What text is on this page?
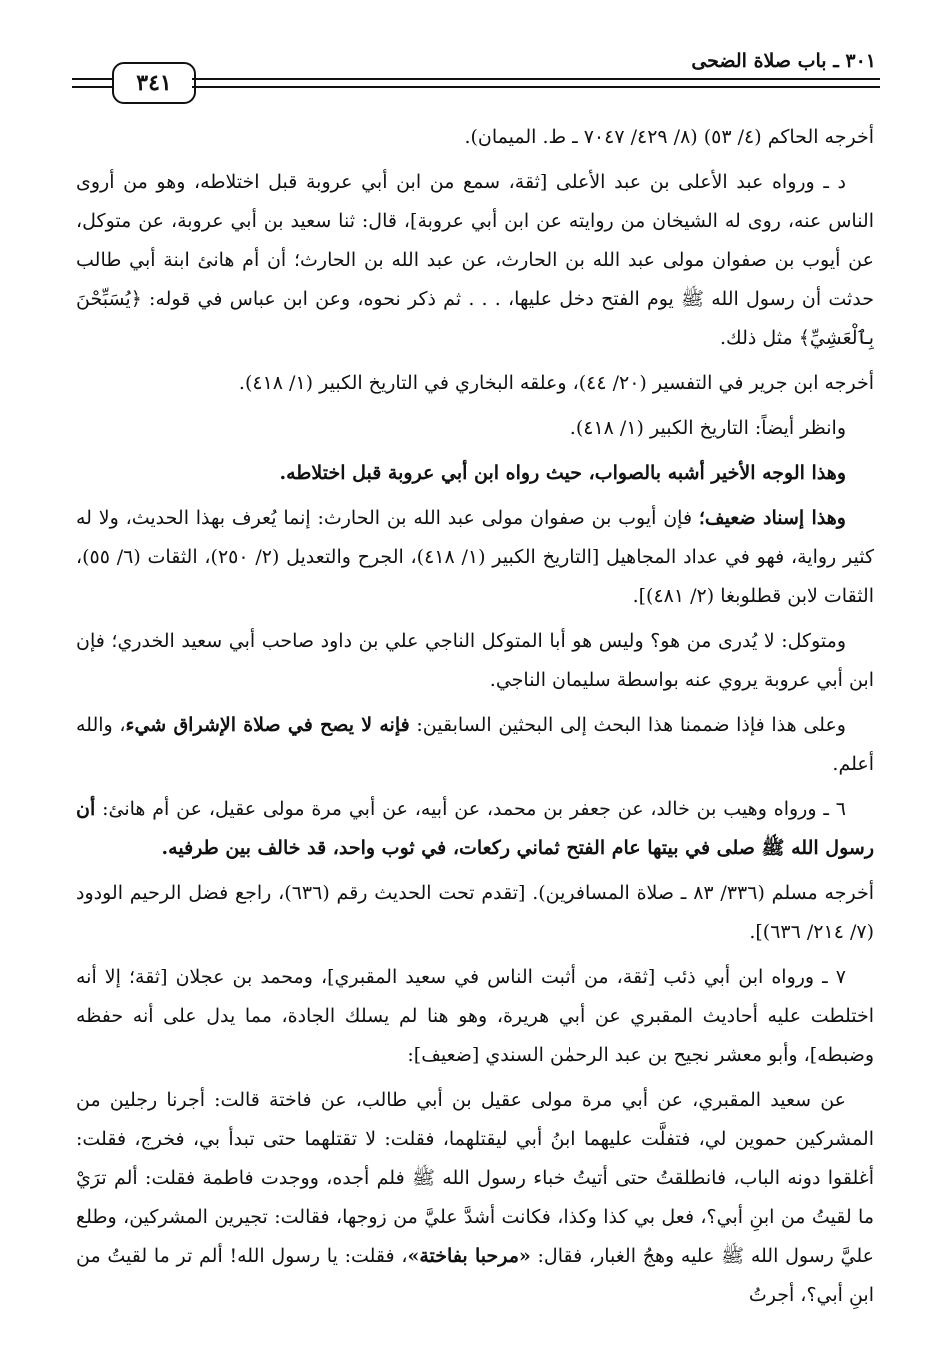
٣٤١
٣٠١ ـ باب صلاة الضحى

أخرجه الحاكم (٤/ ٥٣) (٨/ ٤٢٩/ ٧٠٤٧ ـ ط. الميمان).

د ـ ورواه عبد الأعلى بن عبد الأعلى [ثقة، سمع من ابن أبي عروبة قبل اختلاطه، وهو من أروى الناس عنه، روى له الشيخان من روايته عن ابن أبي عروبة]، قال: ثنا سعيد بن أبي عروبة، عن متوكل، عن أيوب بن صفوان مولى عبد الله بن الحارث، عن عبد الله بن الحارث؛ أن أم هانئ ابنة أبي طالب حدثت أن رسول الله ﷺ يوم الفتح دخل عليها، . . . ثم ذكر نحوه، وعن ابن عباس في قوله: ﴿يُسَبِّحْنَ بِٱلْعَشِيِّ﴾ مثل ذلك.

أخرجه ابن جرير في التفسير (٢٠/ ٤٤)، وعلقه البخاري في التاريخ الكبير (١/ ٤١٨).

وانظر أيضاً: التاريخ الكبير (١/ ٤١٨).

وهذا الوجه الأخير أشبه بالصواب، حيث رواه ابن أبي عروبة قبل اختلاطه.

وهذا إسناد ضعيف؛ فإن أيوب بن صفوان مولى عبد الله بن الحارث: إنما يُعرف بهذا الحديث، ولا له كثير رواية، فهو في عداد المجاهيل [التاريخ الكبير (١/ ٤١٨)، الجرح والتعديل (٢/ ٢٥٠)، الثقات (٦/ ٥٥)، الثقات لابن قطلوبغا (٢/ ٤٨١)].

ومتوكل: لا يُدرى من هو؟ وليس هو أبا المتوكل الناجي علي بن داود صاحب أبي سعيد الخدري؛ فإن ابن أبي عروبة يروي عنه بواسطة سليمان الناجي.

وعلى هذا فإذا ضممنا هذا البحث إلى البحثين السابقين: فإنه لا يصح في صلاة الإشراق شيء، والله أعلم.

٦ ـ ورواه وهيب بن خالد، عن جعفر بن محمد، عن أبيه، عن أبي مرة مولى عقيل، عن أم هانئ: أن رسول الله ﷺ صلى في بيتها عام الفتح ثماني ركعات، في ثوب واحد، قد خالف بين طرفيه.

أخرجه مسلم (٣٣٦/ ٨٣ ـ صلاة المسافرين). [تقدم تحت الحديث رقم (٦٣٦)، راجع فضل الرحيم الودود (٧/ ٢١٤/ ٦٣٦)].

٧ ـ ورواه ابن أبي ذئب [ثقة، من أثبت الناس في سعيد المقبري]، ومحمد بن عجلان [ثقة؛ إلا أنه اختلطت عليه أحاديث المقبري عن أبي هريرة، وهو هنا لم يسلك الجادة، مما يدل على أنه حفظه وضبطه]، وأبو معشر نجيح بن عبد الرحمٰن السندي [ضعيف]:

عن سعيد المقبري، عن أبي مرة مولى عقيل بن أبي طالب، عن فاختة قالت: أجرنا رجلين من المشركين حموين لي، فتفلَّت عليهما ابنُ أبي ليقتلهما، فقلت: لا تقتلهما حتى تبدأ بي، فخرج، فقلت: أغلقوا دونه الباب، فانطلقتُ حتى أتيتُ خباء رسول الله ﷺ فلم أجده، ووجدت فاطمة فقلت: ألم ترَيْ ما لقيتُ من ابنِ أبي؟، فعل بي كذا وكذا، فكانت أشدَّ عليَّ من زوجها، فقالت: تجيرين المشركين، وطلع عليَّ رسول الله ﷺ عليه وهجُ الغبار، فقال: «مرحبا بفاختة»، فقلت: يا رسول الله! ألم تر ما لقيتُ من ابنِ أبي؟، أجرتُ
